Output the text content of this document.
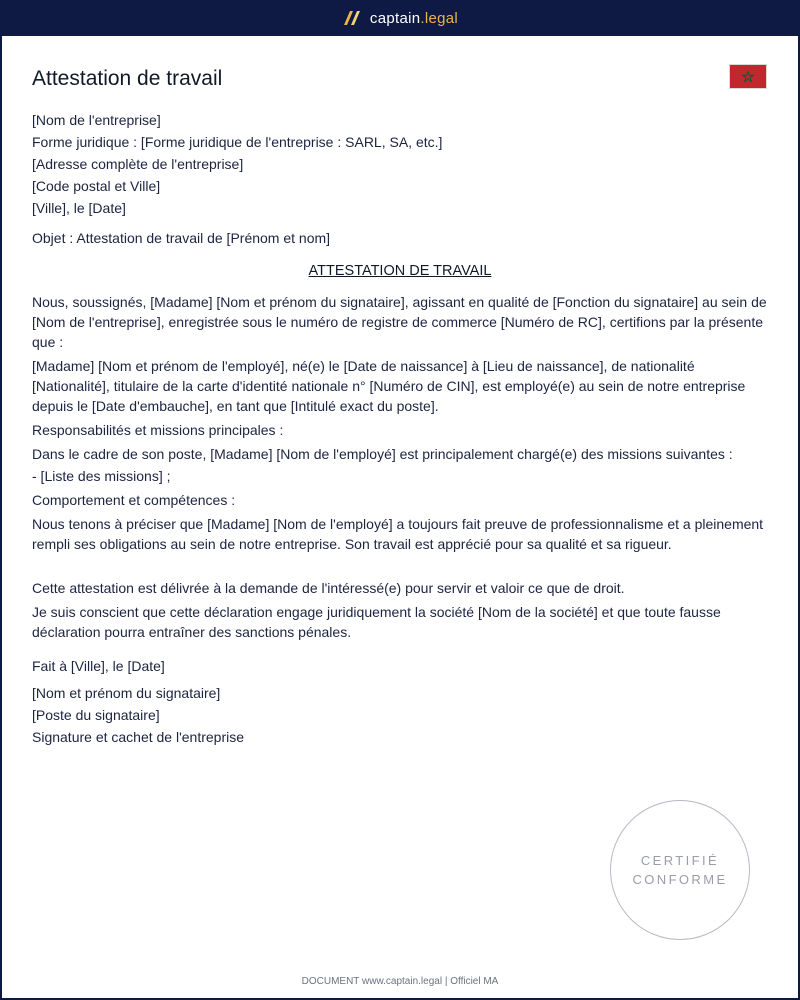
captain.legal
Attestation de travail

[Nom de l'entreprise]

Forme juridique : [Forme juridique de l'entreprise : SARL, SA, etc.]

[Adresse complète de l'entreprise]

[Code postal et Ville]

[Ville], le [Date]

Objet : Attestation de travail de [Prénom et nom]

ATTESTATION DE TRAVAIL

Nous, soussignés, [Madame] [Nom et prénom du signataire], agissant en qualité de [Fonction du signataire] au sein de [Nom de l'entreprise], enregistrée sous le numéro de registre de commerce [Numéro de RC], certifions par la présente que :

[Madame] [Nom et prénom de l'employé], né(e) le [Date de naissance] à [Lieu de naissance], de nationalité [Nationalité], titulaire de la carte d'identité nationale n° [Numéro de CIN], est employé(e) au sein de notre entreprise depuis le [Date d'embauche], en tant que [Intitulé exact du poste].

Responsabilités et missions principales :

Dans le cadre de son poste, [Madame] [Nom de l'employé] est principalement chargé(e) des missions suivantes :

- [Liste des missions] ;

Comportement et compétences :

Nous tenons à préciser que [Madame] [Nom de l'employé] a toujours fait preuve de professionnalisme et a pleinement rempli ses obligations au sein de notre entreprise. Son travail est apprécié pour sa qualité et sa rigueur.

Cette attestation est délivrée à la demande de l'intéressé(e) pour servir et valoir ce que de droit.

Je suis conscient que cette déclaration engage juridiquement la société [Nom de la société] et que toute fausse déclaration pourra entraîner des sanctions pénales.

Fait à [Ville], le [Date]

[Nom et prénom du signataire]

[Poste du signataire]

Signature et cachet de l'entreprise

CERTIFIÉ
CONFORME
DOCUMENT www.captain.legal | Officiel MA
